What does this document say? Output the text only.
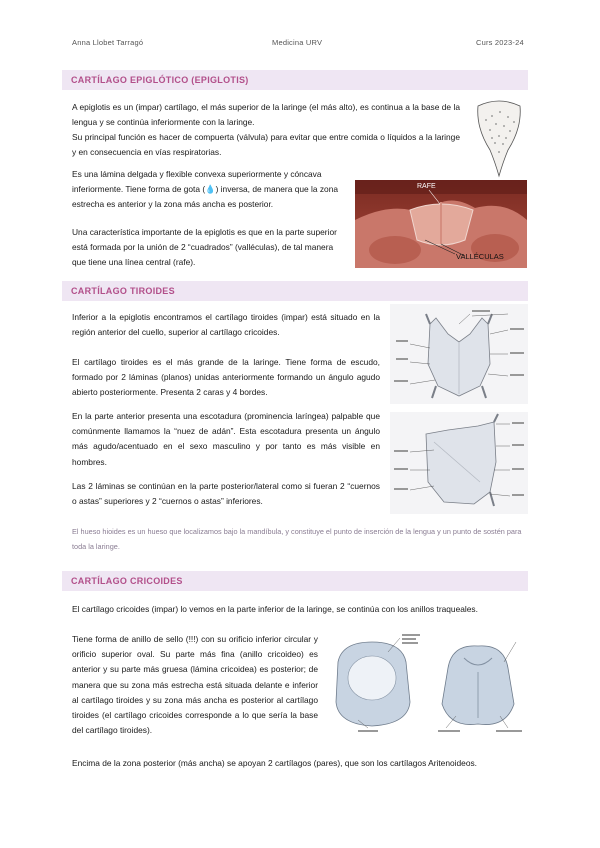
Anna Llobet Tarragó	Medicina URV	Curs 2023-24
CARTÍLAGO EPIGLÓTICO (EPIGLOTIS)
A epiglotis es un (impar) cartílago, el más superior de la laringe (el más alto), es continua a la base de la lengua y se continúa inferiormente con la laringe.
Su principal función es hacer de compuerta (válvula) para evitar que entre comida o líquidos a la laringe y en consecuencia en vías respiratorias.
Es una lámina delgada y flexible convexa superiormente y cóncava inferiormente. Tiene forma de gota (💧) inversa, de manera que la zona estrecha es anterior y la zona más ancha es posterior.
Una característica importante de la epiglotis es que en la parte superior está formada por la unión de 2 “cuadrados” (valléculas), de tal manera que tiene una línea central (rafe).
RAFE
VALLÉCULAS
CARTÍLAGO TIROIDES
Inferior a la epiglotis encontramos el cartílago tiroides (impar) está situado en la región anterior del cuello, superior al cartílago cricoides.
El cartílago tiroides es el más grande de la laringe. Tiene forma de escudo, formado por 2 láminas (planos) unidas anteriormente formando un ángulo agudo abierto posteriormente. Presenta 2 caras y 4 bordes.
En la parte anterior presenta una escotadura (prominencia laríngea) palpable que comúnmente llamamos la “nuez de adán”. Esta escotadura presenta un ángulo más agudo/acentuado en el sexo masculino y por tanto es más visible en hombres.
Las 2 láminas se continúan en la parte posterior/lateral como si fueran 2 “cuernos o astas” superiores y 2 “cuernos o astas” inferiores.
El hueso hioides es un hueso que localizamos bajo la mandíbula, y constituye el punto de inserción de la lengua y un punto de sostén para toda la laringe.
CARTÍLAGO CRICOIDES
El cartílago cricoides (impar) lo vemos en la parte inferior de la laringe, se continúa con los anillos traqueales.
Tiene forma de anillo de sello (!!!) con su orificio inferior circular y orificio superior oval. Su parte más fina (anillo cricoideo) es anterior y su parte más gruesa (lámina cricoidea) es posterior; de manera que su zona más estrecha está situada delante e inferior al cartílago tiroides y su zona más ancha es posterior al cartílago tiroides (el cartílago cricoides corresponde a lo que sería la base del cartílago tiroides).
Encima de la zona posterior (más ancha) se apoyan 2 cartílagos (pares), que son los cartílagos Aritenoideos.
